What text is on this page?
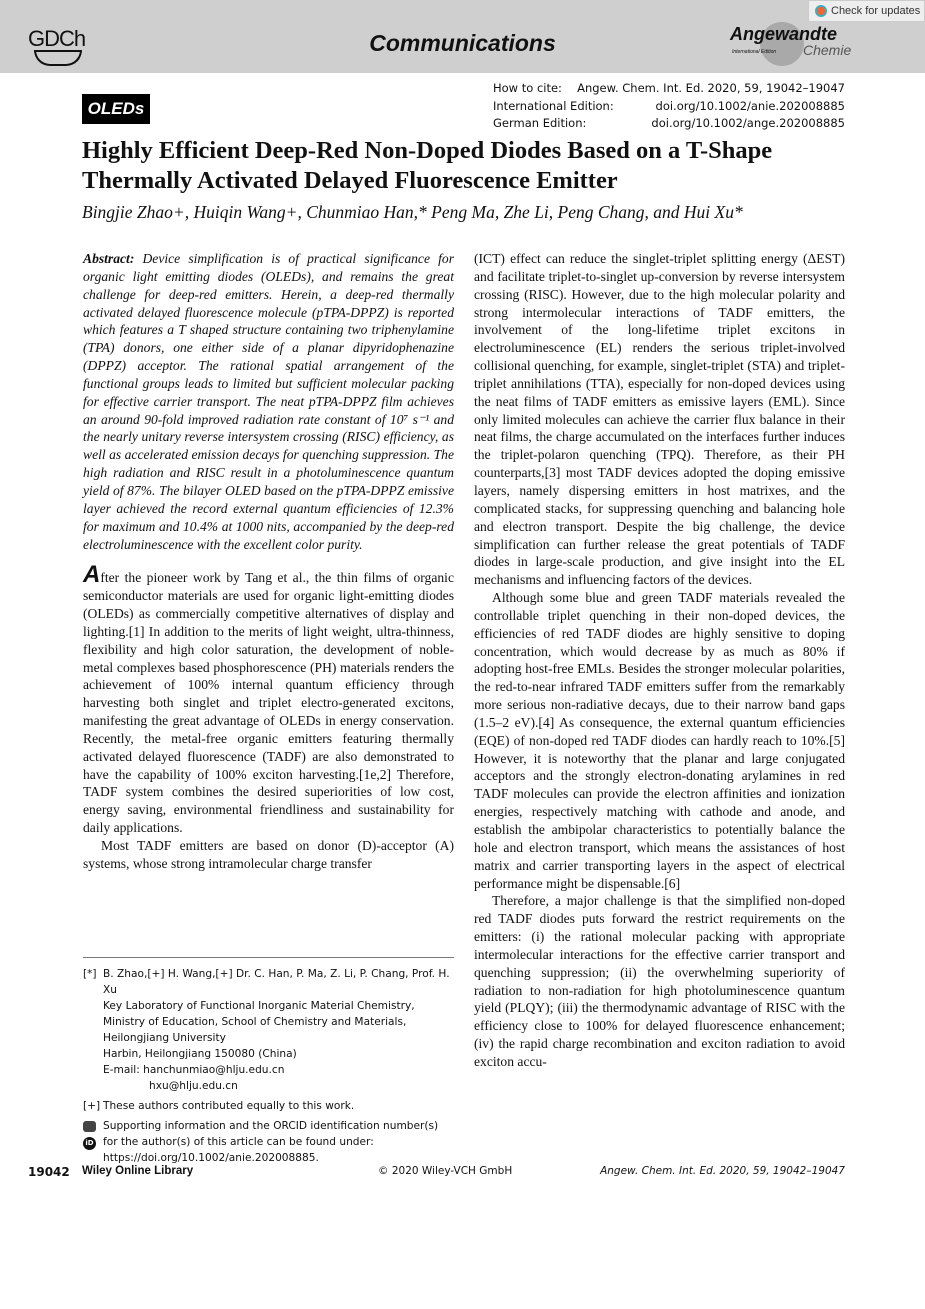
GDCh	Communications	Angewandte
International Edition Chemie
Check for updates
OLEDs
How to cite: Angew. Chem. Int. Ed. 2020, 59, 19042–19047
International Edition:	doi.org/10.1002/anie.202008885
German Edition:	doi.org/10.1002/ange.202008885
Highly Efficient Deep-Red Non-Doped Diodes Based on a T-Shape Thermally Activated Delayed Fluorescence Emitter
Bingjie Zhao+, Huiqin Wang+, Chunmiao Han,* Peng Ma, Zhe Li, Peng Chang, and Hui Xu*

Abstract: Device simplification is of practical significance for organic light emitting diodes (OLEDs), and remains the great challenge for deep-red emitters. Herein, a deep-red thermally activated delayed fluorescence molecule (pTPA-DPPZ) is reported which features a T shaped structure containing two triphenylamine (TPA) donors, one either side of a planar dipyridophenazine (DPPZ) acceptor. The rational spatial arrangement of the functional groups leads to limited but sufficient molecular packing for effective carrier transport. The neat pTPA-DPPZ film achieves an around 90-fold improved radiation rate constant of 10⁷ s⁻¹ and the nearly unitary reverse intersystem crossing (RISC) efficiency, as well as accelerated emission decays for quenching suppression. The high radiation and RISC result in a photoluminescence quantum yield of 87%. The bilayer OLED based on the pTPA-DPPZ emissive layer achieved the record external quantum efficiencies of 12.3% for maximum and 10.4% at 1000 nits, accompanied by the deep-red electroluminescence with the excellent color purity.

After the pioneer work by Tang et al., the thin films of organic semiconductor materials are used for organic light-emitting diodes (OLEDs) as commercially competitive alternatives of display and lighting.[1] In addition to the merits of light weight, ultra-thinness, flexibility and high color saturation, the development of noble-metal complexes based phosphorescence (PH) materials renders the achievement of 100% internal quantum efficiency through harvesting both singlet and triplet electro-generated excitons, manifesting the great advantage of OLEDs in energy conservation. Recently, the metal-free organic emitters featuring thermally activated delayed fluorescence (TADF) are also demonstrated to have the capability of 100% exciton harvesting.[1e,2] Therefore, TADF system combines the desired superiorities of low cost, energy saving, environmental friendliness and sustainability for daily applications.

Most TADF emitters are based on donor (D)-acceptor (A) systems, whose strong intramolecular charge transfer

(ICT) effect can reduce the singlet-triplet splitting energy (ΔEST) and facilitate triplet-to-singlet up-conversion by reverse intersystem crossing (RISC). However, due to the high molecular polarity and strong intermolecular interactions of TADF emitters, the involvement of the long-lifetime triplet excitons in electroluminescence (EL) renders the serious triplet-involved collisional quenching, for example, singlet-triplet (STA) and triplet-triplet annihilations (TTA), especially for non-doped devices using the neat films of TADF emitters as emissive layers (EML). Since only limited molecules can achieve the carrier flux balance in their neat films, the charge accumulated on the interfaces further induces the triplet-polaron quenching (TPQ). Therefore, as their PH counterparts,[3] most TADF devices adopted the doping emissive layers, namely dispersing emitters in host matrixes, and the complicated stacks, for suppressing quenching and balancing hole and electron transport. Despite the big challenge, the device simplification can further release the great potentials of TADF diodes in large-scale production, and give insight into the EL mechanisms and influencing factors of the devices.

Although some blue and green TADF materials revealed the controllable triplet quenching in their non-doped devices, the efficiencies of red TADF diodes are highly sensitive to doping concentration, which would decrease by as much as 80% if adopting host-free EMLs. Besides the stronger molecular polarities, the red-to-near infrared TADF emitters suffer from the remarkably more serious non-radiative decays, due to their narrow band gaps (1.5–2 eV).[4] As consequence, the external quantum efficiencies (EQE) of non-doped red TADF diodes can hardly reach to 10%.[5] However, it is noteworthy that the planar and large conjugated acceptors and the strongly electron-donating arylamines in red TADF molecules can provide the electron affinities and ionization energies, respectively matching with cathode and anode, and establish the ambipolar characteristics to potentially balance the hole and electron transport, which means the assistances of host matrix and carrier transporting layers in the aspect of electrical performance might be dispensable.[6]

Therefore, a major challenge is that the simplified non-doped red TADF diodes puts forward the restrict requirements on the emitters: (i) the rational molecular packing with appropriate intermolecular interactions for the effective carrier transport and quenching suppression; (ii) the overwhelming superiority of radiation to non-radiation for high photoluminescence quantum yield (PLQY); (iii) the thermodynamic advantage of RISC with the efficiency close to 100% for delayed fluorescence enhancement; (iv) the rapid charge recombination and exciton radiation to avoid exciton accu-

[*] B. Zhao,[+] H. Wang,[+] Dr. C. Han, P. Ma, Z. Li, P. Chang, Prof. H. Xu
Key Laboratory of Functional Inorganic Material Chemistry, Ministry of Education, School of Chemistry and Materials, Heilongjiang University
Harbin, Heilongjiang 150080 (China)
E-mail: hanchunmiao@hlju.edu.cn
hxu@hlju.edu.cn
[+] These authors contributed equally to this work.

iD
Supporting information and the ORCID identification number(s) for the author(s) of this article can be found under: https://doi.org/10.1002/anie.202008885.
19042 Wiley Online Library	© 2020 Wiley-VCH GmbH	Angew. Chem. Int. Ed. 2020, 59, 19042–19047
